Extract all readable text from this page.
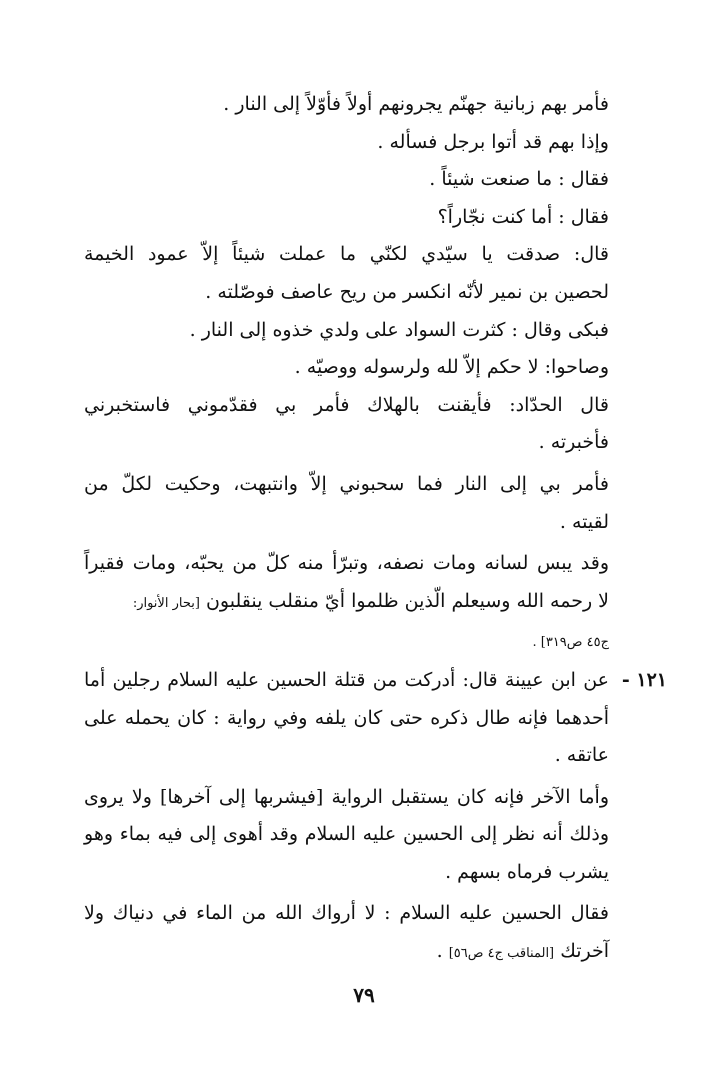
فأمر بهم زبانية جهنّم يجرونهم أولاً فأوّلاً إلى النار .
وإذا بهم قد أتوا برجل فسأله .
فقال : ما صنعت شيئاً .
فقال : أما كنت نجّاراً؟
قال: صدقت يا سيّدي لكنّي ما عملت شيئاً إلاّ عمود الخيمة
لحصين بن نمير لأنّه انكسر من ريح عاصف فوصّلته .
فبكى وقال : كثرت السواد على ولدي خذوه إلى النار .
وصاحوا: لا حكم إلاّ لله ولرسوله ووصيّه .
قال الحدّاد: فأيقنت بالهلاك فأمر بي فقدّموني فاستخبرني
فأخبرته .
فأمر بي إلى النار فما سحبوني إلاّ وانتبهت، وحكيت لكلّ من
لقيته .
وقد يبس لسانه ومات نصفه، وتبرّأ منه كلّ من يحبّه، ومات فقيراً
لا رحمه الله وسيعلم الّذين ظلموا أيّ منقلب ينقلبون [بحار الأنوار:
ج٤٥ ص٣١٩] .
١٢١ -
عن ابن عيينة قال: أدركت من قتلة الحسين عليه السلام رجلين أما
أحدهما فإنه طال ذكره حتى كان يلفه وفي رواية : كان يحمله على
عاتقه .
وأما الآخر فإنه كان يستقبل الرواية [فيشربها إلى آخرها] ولا يروى
وذلك أنه نظر إلى الحسين عليه السلام وقد أهوى إلى فيه بماء وهو
يشرب فرماه بسهم .
فقال الحسين عليه السلام : لا أرواك الله من الماء في دنياك ولا
آخرتك [المناقب ج٤ ص٥٦] .
٧٩
